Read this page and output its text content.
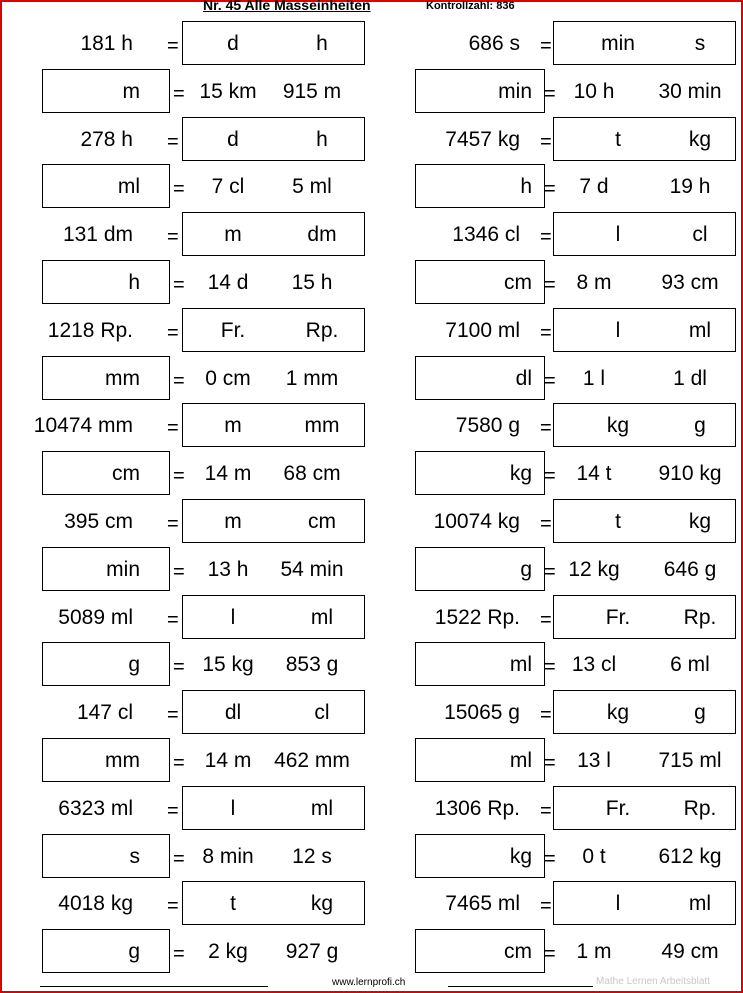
Nr. 45 Alle Masseinheiten	Kontrollzahl: 836
181 h =	d	h	686 s =	min	s
m = 15 km	915 m	min = 10 h	30 min
278 h =	d	h	7457 kg =	t	kg
ml =	7 cl	5 ml	h =	7 d	19 h
131 dm =	m	dm	1346 cl =	l	cl
h =	14 d	15 h	cm = 8 m	93 cm
1218 Rp. =	Fr.	Rp.	7100 ml =	l	ml
mm = 0 cm	1 mm	dl =	1 l	1 dl
10474 mm =	m	mm	7580 g =	kg	g
cm = 14 m	68 cm	kg = 14 t	910 kg
395 cm =	m	cm	10074 kg =	t	kg
min =	13 h	54 min	g = 12 kg	646 g
5089 ml =	l	ml	1522 Rp. =	Fr.	Rp.
g = 15 kg	853 g	ml = 13 cl	6 ml
147 cl =	dl	cl	15065 g =	kg	g
mm = 14 m	462 mm	ml =	13 l	715 ml
6323 ml =	l	ml	1306 Rp. =	Fr.	Rp.
s = 8 min	12 s	kg =	0 t	612 kg
4018 kg =	t	kg	7465 ml =	l	ml
g =	2 kg	927 g	cm = 1 m	49 cm
www.lernprofi.ch	Mathe Lernen Arbeitsblatt
